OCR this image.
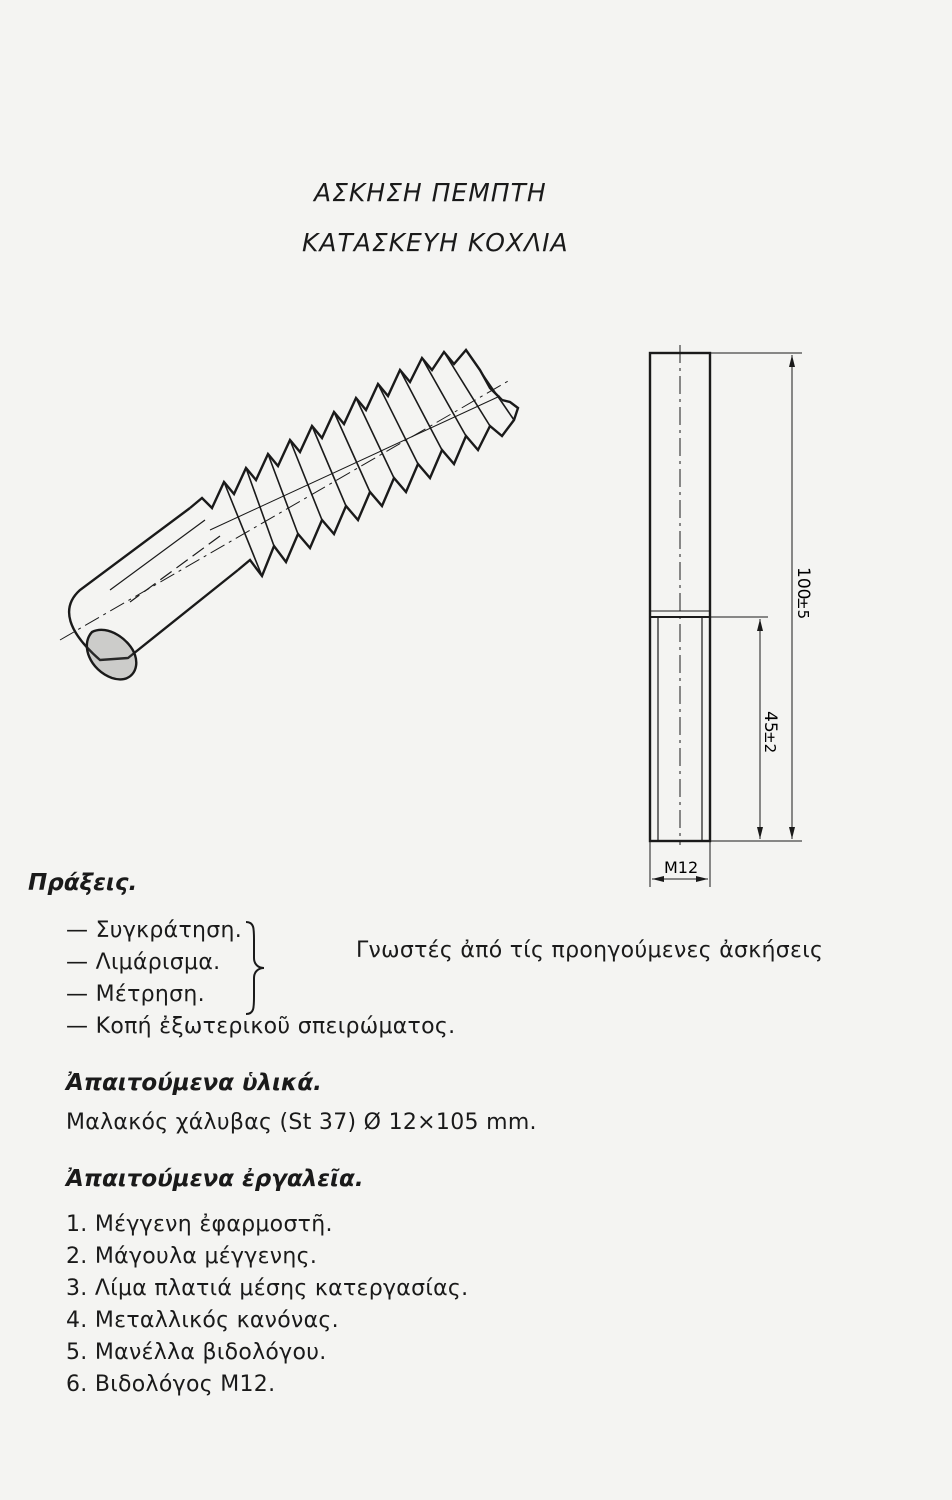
ΑΣΚΗΣΗ ΠΕΜΠΤΗ
ΚΑΤΑΣΚΕΥΗ ΚΟΧΛΙΑ
100
±5
45
±2
M12
Πράξεις.
— Συγκράτηση.
— Λιμάρισμα.
— Μέτρηση.
— Κοπή ἐξωτερικοῦ σπειρώματος.
Γνωστές ἀπό τίς προηγούμενες ἀσκήσεις
Ἀπαιτούμενα ὑλικά.
Μαλακός χάλυβας (St 37) Ø 12×105 mm.
Ἀπαιτούμενα ἐργαλεῖα.
1. Μέγγενη ἐφαρμοστῆ.
2. Μάγουλα μέγγενης.
3. Λίμα πλατιά μέσης κατεργασίας.
4. Μεταλλικός κανόνας.
5. Μανέλλα βιδολόγου.
6. Βιδολόγος Μ12.
